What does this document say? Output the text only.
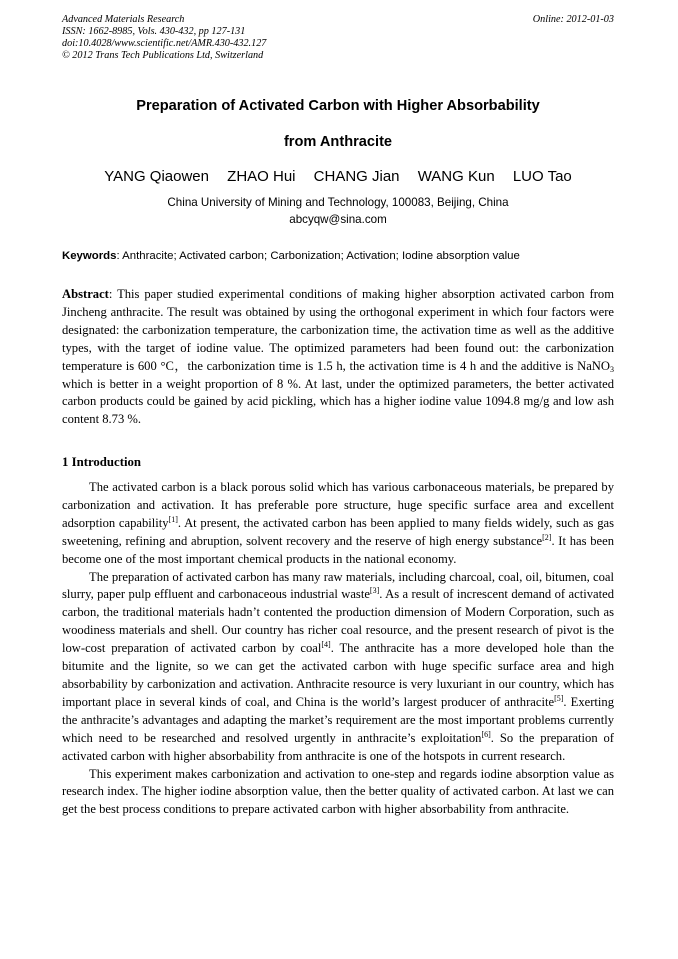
Advanced Materials Research
ISSN: 1662-8985, Vols. 430-432, pp 127-131
doi:10.4028/www.scientific.net/AMR.430-432.127
© 2012 Trans Tech Publications Ltd, Switzerland
Online: 2012-01-03
Preparation of Activated Carbon with Higher Absorbability
from Anthracite
YANG Qiaowen ZHAO Hui CHANG Jian WANG Kun LUO Tao
China University of Mining and Technology, 100083, Beijing, China
abcyqw@sina.com
Keywords: Anthracite; Activated carbon; Carbonization; Activation; Iodine absorption value

Abstract: This paper studied experimental conditions of making higher absorption activated carbon from Jincheng anthracite. The result was obtained by using the orthogonal experiment in which four factors were designated: the carbonization temperature, the carbonization time, the activation time as well as the additive types, with the target of iodine value. The optimized parameters had been found out: the carbonization temperature is 600 °C，the carbonization time is 1.5 h, the activation time is 4 h and the additive is NaNO$_3$ which is better in a weight proportion of 8 %. At last, under the optimized parameters, the better activated carbon products could be gained by acid pickling, which has a higher iodine value 1094.8 mg/g and low ash content 8.73 %.

1 Introduction

The activated carbon is a black porous solid which has various carbonaceous materials, be prepared by carbonization and activation. It has preferable pore structure, huge specific surface area and excellent adsorption capability[1]. At present, the activated carbon has been applied to many fields widely, such as gas sweetening, refining and abruption, solvent recovery and the reserve of high energy substance[2]. It has been become one of the most important chemical products in the national economy.

The preparation of activated carbon has many raw materials, including charcoal, coal, oil, bitumen, coal slurry, paper pulp effluent and carbonaceous industrial waste[3]. As a result of increscent demand of activated carbon, the traditional materials hadn’t contented the production dimension of Modern Corporation, such as woodiness materials and shell. Our country has richer coal resource, and the present research of pivot is the low-cost preparation of activated carbon by coal[4]. The anthracite has a more developed hole than the bitumite and the lignite, so we can get the activated carbon with huge specific surface area and high absorbability by carbonization and activation. Anthracite resource is very luxuriant in our country, which has important place in several kinds of coal, and China is the world’s largest producer of anthracite[5]. Exerting the anthracite’s advantages and adapting the market’s requirement are the most important problems currently which need to be researched and resolved urgently in anthracite’s exploitation[6]. So the preparation of activated carbon with higher absorbability from anthracite is one of the hotspots in current research.

This experiment makes carbonization and activation to one-step and regards iodine absorption value as research index. The higher iodine absorption value, then the better quality of activated carbon. At last we can get the best process conditions to prepare activated carbon with higher absorbability from anthracite.
